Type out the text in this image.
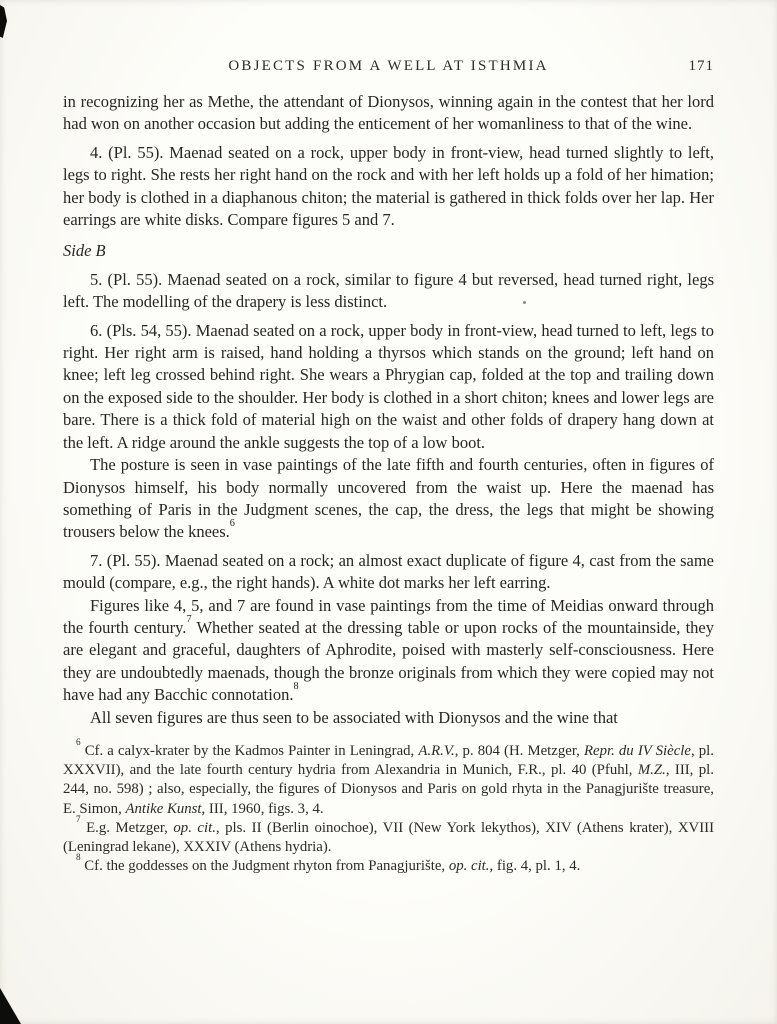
OBJECTS FROM A WELL AT ISTHMIA	171

in recognizing her as Methe, the attendant of Dionysos, winning again in the contest that her lord had won on another occasion but adding the enticement of her womanliness to that of the wine.

4. (Pl. 55). Maenad seated on a rock, upper body in front-view, head turned slightly to left, legs to right. She rests her right hand on the rock and with her left holds up a fold of her himation; her body is clothed in a diaphanous chiton; the material is gathered in thick folds over her lap. Her earrings are white disks. Compare figures 5 and 7.

Side B

5. (Pl. 55). Maenad seated on a rock, similar to figure 4 but reversed, head turned right, legs left. The modelling of the drapery is less distinct.

6. (Pls. 54, 55). Maenad seated on a rock, upper body in front-view, head turned to left, legs to right. Her right arm is raised, hand holding a thyrsos which stands on the ground; left hand on knee; left leg crossed behind right. She wears a Phrygian cap, folded at the top and trailing down on the exposed side to the shoulder. Her body is clothed in a short chiton; knees and lower legs are bare. There is a thick fold of material high on the waist and other folds of drapery hang down at the left. A ridge around the ankle suggests the top of a low boot.

The posture is seen in vase paintings of the late fifth and fourth centuries, often in figures of Dionysos himself, his body normally uncovered from the waist up. Here the maenad has something of Paris in the Judgment scenes, the cap, the dress, the legs that might be showing trousers below the knees.$^6$

7. (Pl. 55). Maenad seated on a rock; an almost exact duplicate of figure 4, cast from the same mould (compare, e.g., the right hands). A white dot marks her left earring.

Figures like 4, 5, and 7 are found in vase paintings from the time of Meidias onward through the fourth century.$^7$ Whether seated at the dressing table or upon rocks of the mountainside, they are elegant and graceful, daughters of Aphrodite, poised with masterly self-consciousness. Here they are undoubtedly maenads, though the bronze originals from which they were copied may not have had any Bacchic connotation.$^8$

All seven figures are thus seen to be associated with Dionysos and the wine that

$^6$ Cf. a calyx-krater by the Kadmos Painter in Leningrad, A.R.V., p. 804 (H. Metzger, Repr. du IV Siècle, pl. XXXVII), and the late fourth century hydria from Alexandria in Munich, F.R., pl. 40 (Pfuhl, M.Z., III, pl. 244, no. 598) ; also, especially, the figures of Dionysos and Paris on gold rhyta in the Panagjurište treasure, E. Simon, Antike Kunst, III, 1960, figs. 3, 4.

$^7$ E.g. Metzger, op. cit., pls. II (Berlin oinochoe), VII (New York lekythos), XIV (Athens krater), XVIII (Leningrad lekane), XXXIV (Athens hydria).

$^8$ Cf. the goddesses on the Judgment rhyton from Panagjurište, op. cit., fig. 4, pl. 1, 4.
